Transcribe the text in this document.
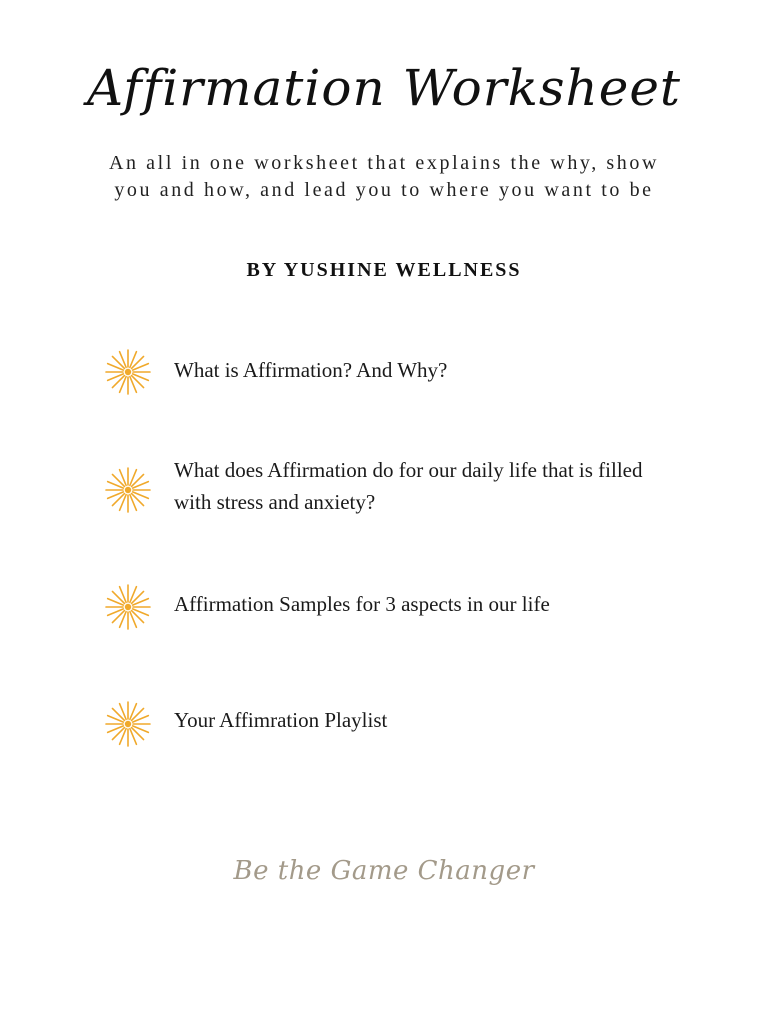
Affirmation Worksheet
An all in one worksheet that explains the why, show you and how, and lead you to where you want to be
BY YUSHINE WELLNESS
What is Affirmation? And Why?
What does Affirmation do for our daily life that is filled with stress and anxiety?
Affirmation Samples for 3 aspects in our life
Your Affimration Playlist
Be the Game Changer
